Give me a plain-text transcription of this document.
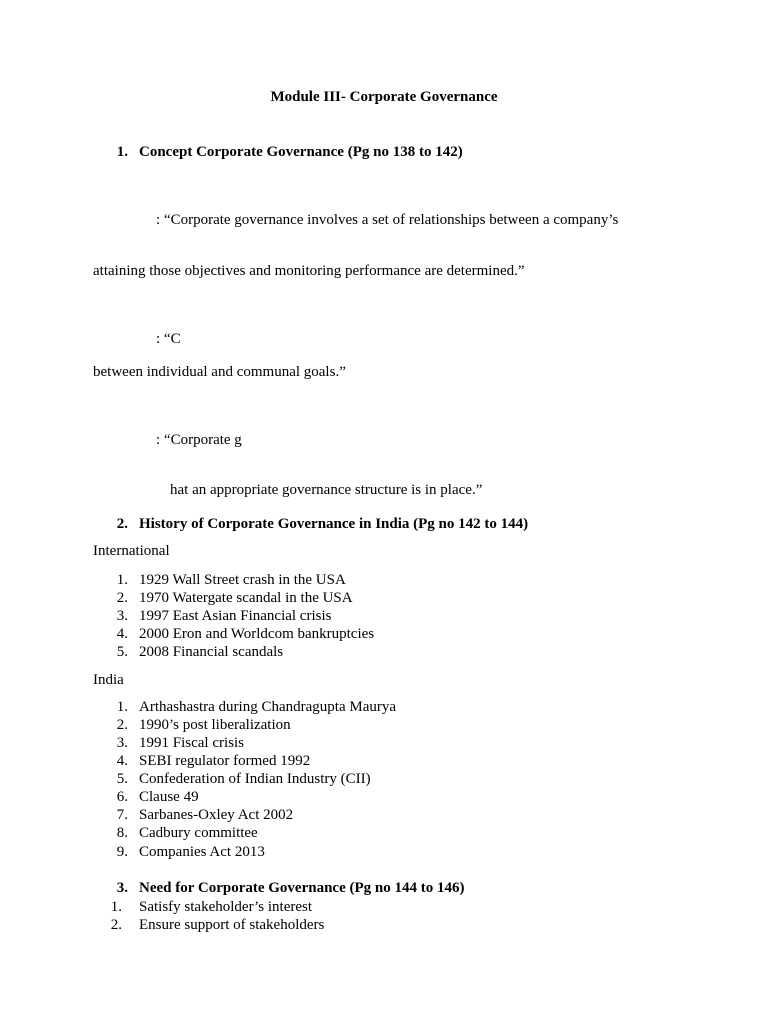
Module III- Corporate Governance
1. Concept Corporate Governance (Pg no 138 to 142)
: “Corporate governance involves a set of relationships between a company’s
attaining those objectives and monitoring performance are determined.”
: “C
between individual and communal goals.”
: “Corporate g
hat an appropriate governance structure is in place.”
2. History of Corporate Governance in India (Pg no 142 to 144)
International
1. 1929 Wall Street crash in the USA
2. 1970 Watergate scandal in the USA
3. 1997 East Asian Financial crisis
4. 2000 Eron and Worldcom bankruptcies
5. 2008 Financial scandals
India
1. Arthashastra during Chandragupta Maurya
2. 1990’s post liberalization
3. 1991 Fiscal crisis
4. SEBI regulator formed 1992
5. Confederation of Indian Industry (CII)
6. Clause 49
7. Sarbanes-Oxley Act 2002
8. Cadbury committee
9. Companies Act 2013
3. Need for Corporate Governance (Pg no 144 to 146)
1. Satisfy stakeholder’s interest
2. Ensure support of stakeholders
